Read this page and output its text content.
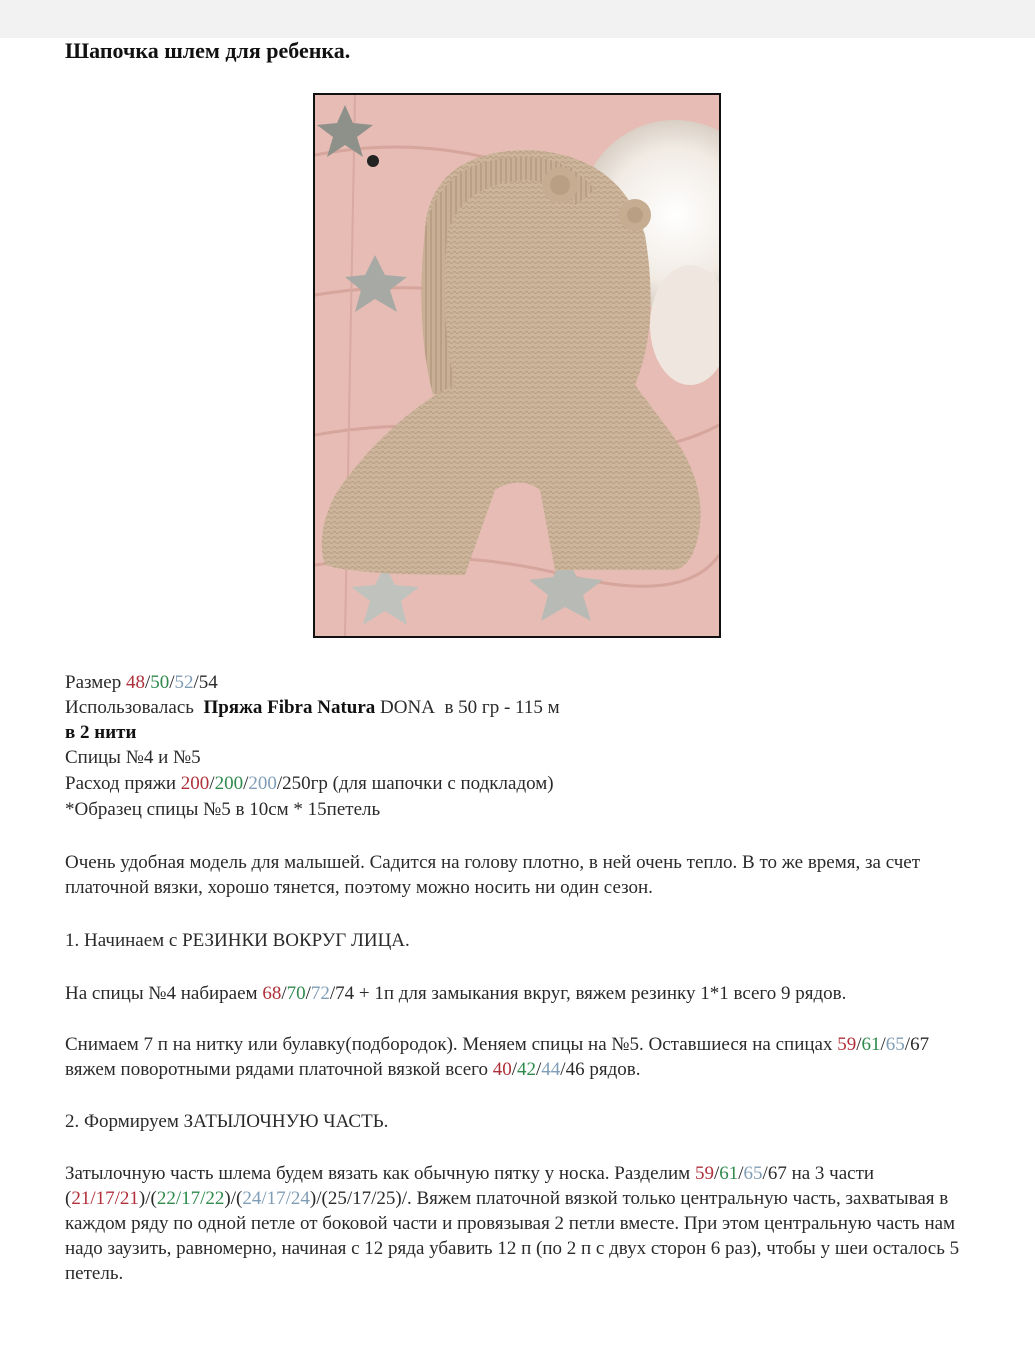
Шапочка шлем для ребенка.
Размер 48/50/52/54
Использовалась Пряжа Fibra Natura DONA в 50 гр - 115 м
в 2 нити
Спицы №4 и №5
Расход пряжи 200/200/200/250гр (для шапочки с подкладом)
*Образец спицы №5 в 10см * 15петель
Очень удобная модель для малышей. Садится на голову плотно, в ней очень тепло. В то же время, за счет платочной вязки, хорошо тянется, поэтому можно носить ни один сезон.
1. Начинаем с РЕЗИНКИ ВОКРУГ ЛИЦА.
На спицы №4 набираем 68/70/72/74 + 1п для замыкания вкруг, вяжем резинку 1*1 всего 9 рядов.
Снимаем 7 п на нитку или булавку(подбородок). Меняем спицы на №5. Оставшиеся на спицах 59/61/65/67 вяжем поворотными рядами платочной вязкой всего 40/42/44/46 рядов.
2. Формируем ЗАТЫЛОЧНУЮ ЧАСТЬ.
Затылочную часть шлема будем вязать как обычную пятку у носка. Разделим 59/61/65/67 на 3 части  (21/17/21)/(22/17/22)/(24/17/24)/(25/17/25)/. Вяжем платочной вязкой только центральную часть, захватывая в каждом ряду по одной петле от боковой части и провязывая 2 петли вместе. При этом центральную часть нам надо заузить, равномерно, начиная с 12 ряда убавить 12 п (по 2 п с двух сторон 6 раз), чтобы у шеи осталось 5 петель.
